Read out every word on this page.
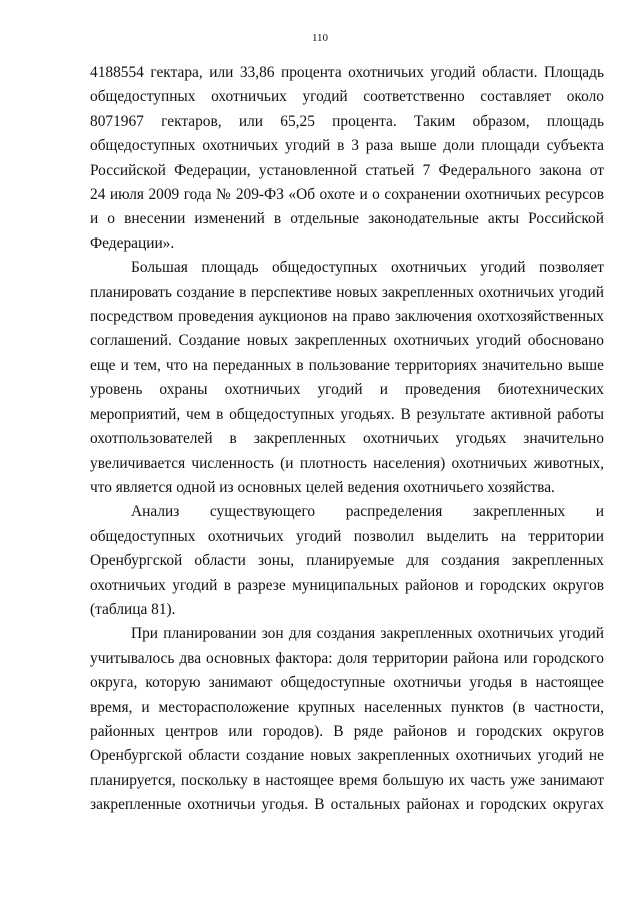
110

4188554 гектара, или 33,86 процента охотничьих угодий области. Площадь
общедоступных охотничьих угодий соответственно составляет около
8071967 гектаров, или 65,25 процента. Таким образом, площадь
общедоступных охотничьих угодий в 3 раза выше доли площади субъекта
Российской Федерации, установленной статьей 7 Федерального закона от
24 июля 2009 года № 209-ФЗ «Об охоте и о сохранении охотничьих ресурсов
и о внесении изменений в отдельные законодательные акты Российской
Федерации».

Большая площадь общедоступных охотничьих угодий позволяет
планировать создание в перспективе новых закрепленных охотничьих угодий
посредством проведения аукционов на право заключения охотхозяйственных
соглашений. Создание новых закрепленных охотничьих угодий обосновано
еще и тем, что на переданных в пользование территориях значительно выше
уровень охраны охотничьих угодий и проведения биотехнических
мероприятий, чем в общедоступных угодьях. В результате активной работы
охотпользователей в закрепленных охотничьих угодьях значительно
увеличивается численность (и плотность населения) охотничьих животных,
что является одной из основных целей ведения охотничьего хозяйства.

Анализ существующего распределения закрепленных и
общедоступных охотничьих угодий позволил выделить на территории
Оренбургской области зоны, планируемые для создания закрепленных
охотничьих угодий в разрезе муниципальных районов и городских округов
(таблица 81).

При планировании зон для создания закрепленных охотничьих угодий
учитывалось два основных фактора: доля территории района или городского
округа, которую занимают общедоступные охотничьи угодья в настоящее
время, и месторасположение крупных населенных пунктов (в частности,
районных центров или городов). В ряде районов и городских округов
Оренбургской области создание новых закрепленных охотничьих угодий не
планируется, поскольку в настоящее время большую их часть уже занимают
закрепленные охотничьи угодья. В остальных районах и городских округах
